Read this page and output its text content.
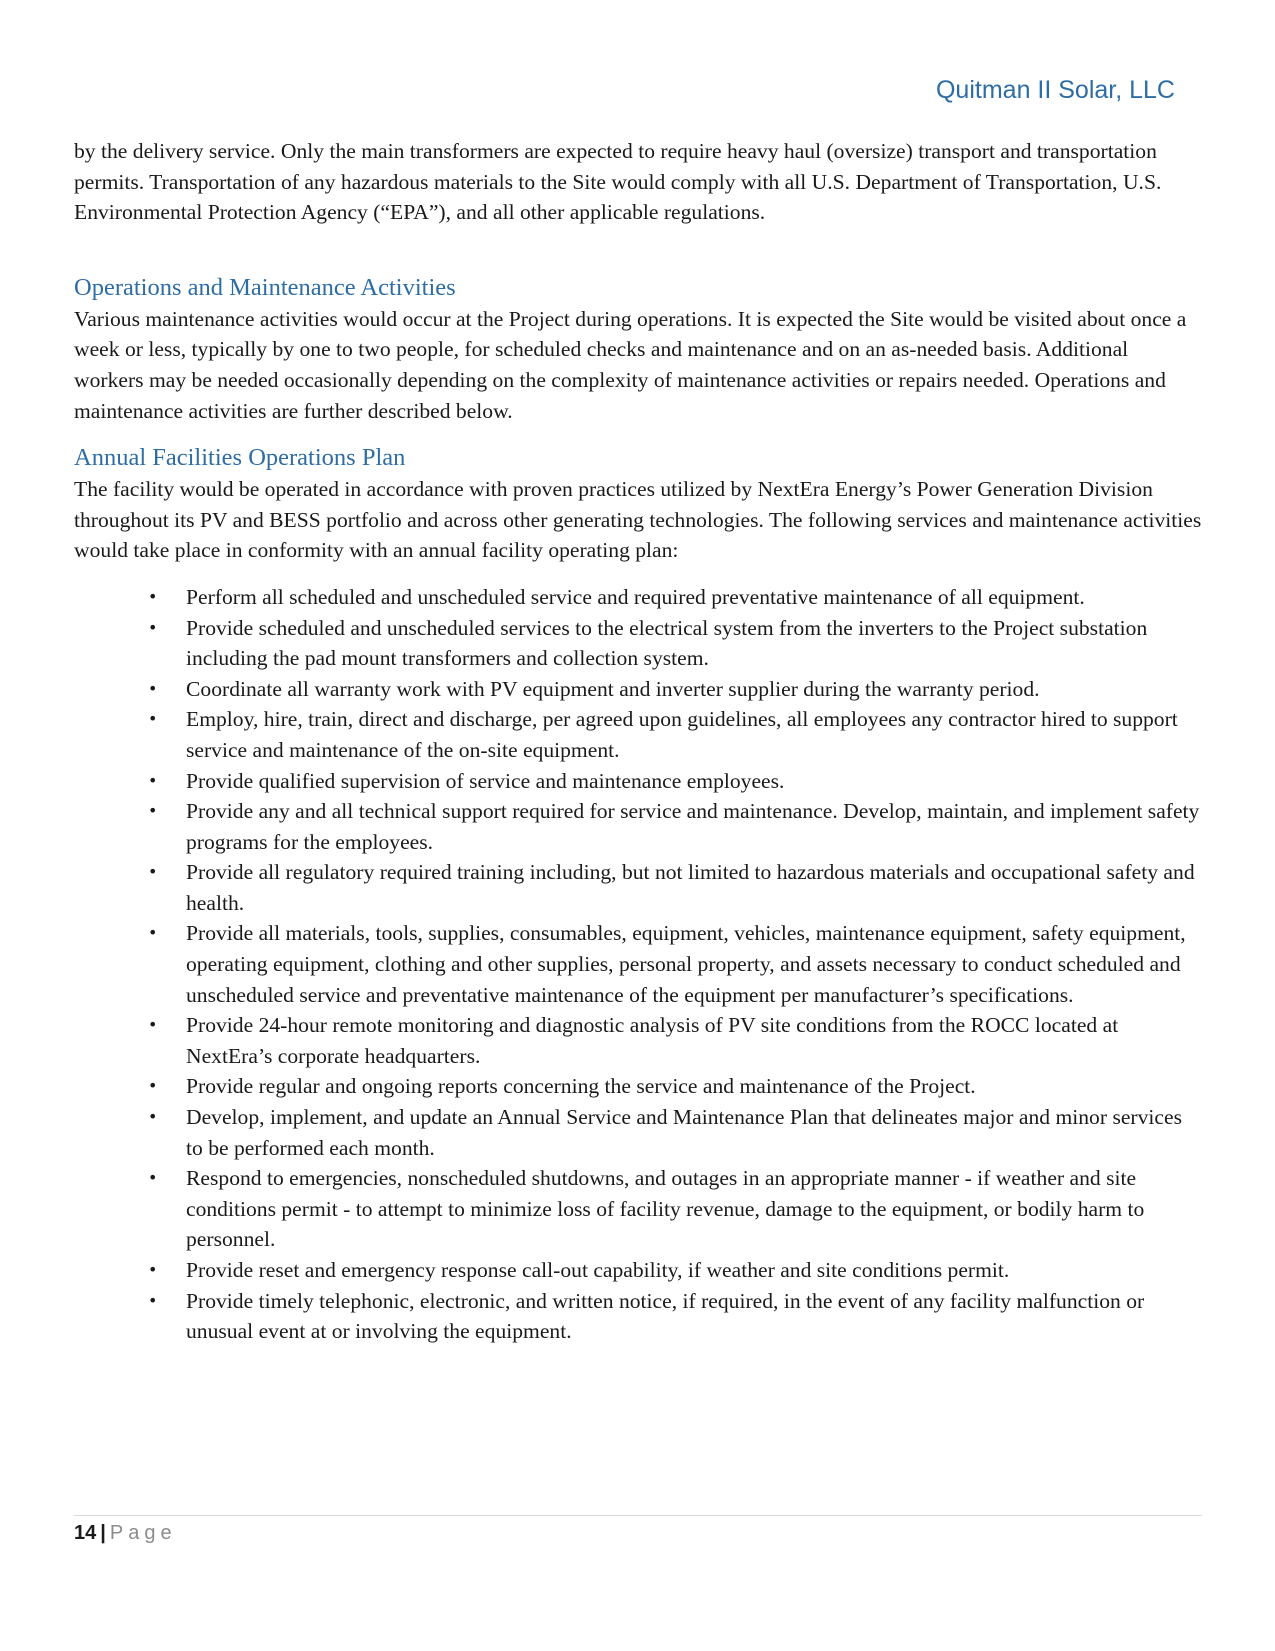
Quitman II Solar, LLC

by the delivery service. Only the main transformers are expected to require heavy haul (oversize) transport and transportation permits. Transportation of any hazardous materials to the Site would comply with all U.S. Department of Transportation, U.S. Environmental Protection Agency (“EPA”), and all other applicable regulations.

Operations and Maintenance Activities

Various maintenance activities would occur at the Project during operations. It is expected the Site would be visited about once a week or less, typically by one to two people, for scheduled checks and maintenance and on an as-needed basis. Additional workers may be needed occasionally depending on the complexity of maintenance activities or repairs needed. Operations and maintenance activities are further described below.

Annual Facilities Operations Plan

The facility would be operated in accordance with proven practices utilized by NextEra Energy’s Power Generation Division throughout its PV and BESS portfolio and across other generating technologies. The following services and maintenance activities would take place in conformity with an annual facility operating plan:

• Perform all scheduled and unscheduled service and required preventative maintenance of all equipment.
• Provide scheduled and unscheduled services to the electrical system from the inverters to the Project substation including the pad mount transformers and collection system.
• Coordinate all warranty work with PV equipment and inverter supplier during the warranty period.
• Employ, hire, train, direct and discharge, per agreed upon guidelines, all employees any contractor hired to support service and maintenance of the on-site equipment.
• Provide qualified supervision of service and maintenance employees.
• Provide any and all technical support required for service and maintenance. Develop, maintain, and implement safety programs for the employees.
• Provide all regulatory required training including, but not limited to hazardous materials and occupational safety and health.
• Provide all materials, tools, supplies, consumables, equipment, vehicles, maintenance equipment, safety equipment, operating equipment, clothing and other supplies, personal property, and assets necessary to conduct scheduled and unscheduled service and preventative maintenance of the equipment per manufacturer’s specifications.
• Provide 24-hour remote monitoring and diagnostic analysis of PV site conditions from the ROCC located at NextEra’s corporate headquarters.
• Provide regular and ongoing reports concerning the service and maintenance of the Project.
• Develop, implement, and update an Annual Service and Maintenance Plan that delineates major and minor services to be performed each month.
• Respond to emergencies, nonscheduled shutdowns, and outages in an appropriate manner - if weather and site conditions permit - to attempt to minimize loss of facility revenue, damage to the equipment, or bodily harm to personnel.
• Provide reset and emergency response call-out capability, if weather and site conditions permit.
• Provide timely telephonic, electronic, and written notice, if required, in the event of any facility malfunction or unusual event at or involving the equipment.
14 | Page
